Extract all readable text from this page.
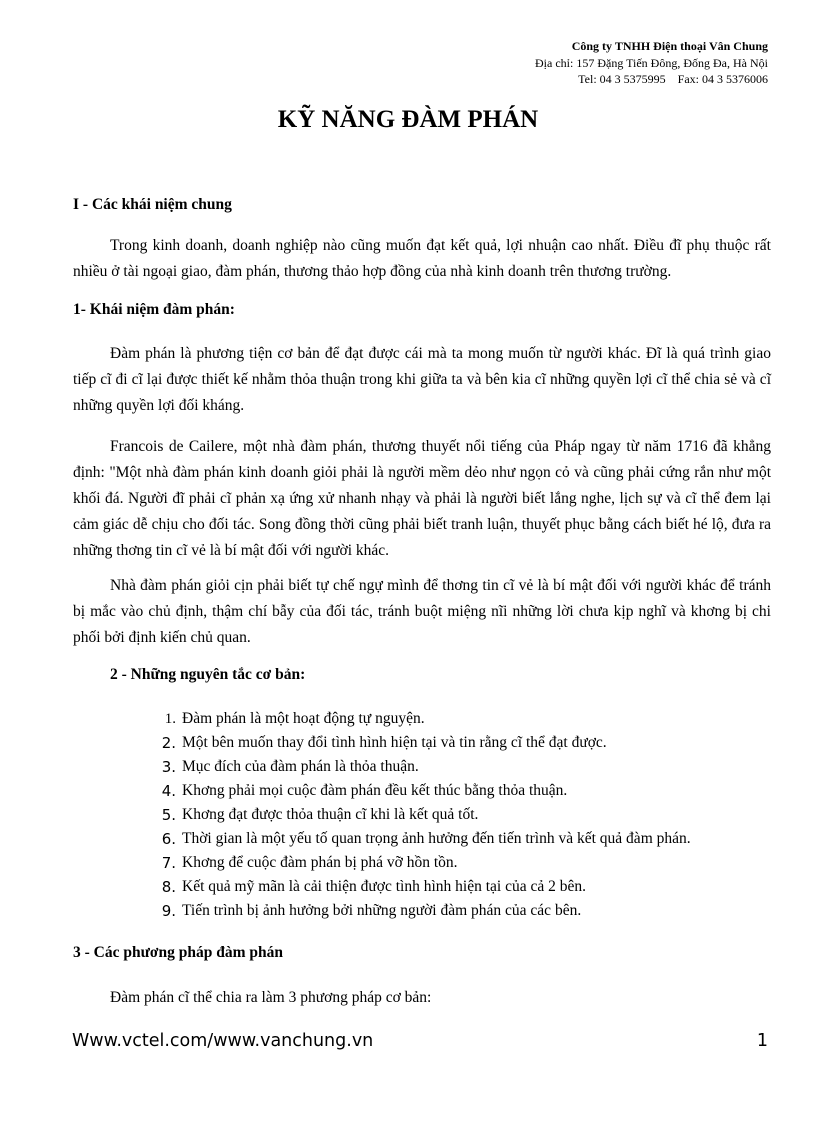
Công ty TNHH Điện thoại Vân Chung
Địa chỉ: 157 Đặng Tiến Đông, Đống Đa, Hà Nội
Tel: 04 3 5375995    Fax: 04 3 5376006
KỸ NĂNG ĐÀM PHÁN
I - Các khái niệm chung

Trong kinh doanh, doanh nghiệp nào cũng muốn đạt kết quả, lợi nhuận cao nhất. Điều đĩ phụ thuộc rất nhiều ở tài ngoại giao, đàm phán, thương thảo hợp đồng của nhà kinh doanh trên thương trường.

1- Khái niệm đàm phán:

Đàm phán là phương tiện cơ bản để đạt được cái mà ta mong muốn từ người khác. Đĩ là quá trình giao tiếp cĩ đi cĩ lại được thiết kế nhằm thỏa thuận trong khi giữa ta và bên kia cĩ những quyền lợi cĩ thể chia sẻ và cĩ những quyền lợi đối kháng.

Francois de Cailere, một nhà đàm phán, thương thuyết nổi tiếng của Pháp ngay từ năm 1716 đã khẳng định: "Một nhà đàm phán kinh doanh giỏi phải là người mềm dẻo như ngọn cỏ và cũng phải cứng rắn như một khối đá. Người đĩ phải cĩ phản xạ ứng xử nhanh nhạy và phải là người biết lắng nghe, lịch sự và cĩ thể đem lại cảm giác dễ chịu cho đối tác. Song đồng thời cũng phải biết tranh luận, thuyết phục bằng cách biết hé lộ, đưa ra những thơng tin cĩ vẻ là bí mật đối với người khác.

Nhà đàm phán giỏi cịn phải biết tự chế ngự mình để thơng tin cĩ vẻ là bí mật đối với người khác để tránh bị mắc vào chủ định, thậm chí bẫy của đối tác, tránh buột miệng nĩi những lời chưa kịp nghĩ và khơng bị chi phối bởi định kiến chủ quan.

2 - Những nguyên tắc cơ bản:
1. Đàm phán là một hoạt động tự nguyện.
2. Một bên muốn thay đổi tình hình hiện tại và tin rằng cĩ thể đạt được.
3. Mục đích của đàm phán là thỏa thuận.
4. Khơng phải mọi cuộc đàm phán đều kết thúc bằng thỏa thuận.
5. Khơng đạt được thỏa thuận cĩ khi là kết quả tốt.
6. Thời gian là một yếu tố quan trọng ảnh hưởng đến tiến trình và kết quả đàm phán.
7. Khơng để cuộc đàm phán bị phá vỡ hồn tồn.
8. Kết quả mỹ mãn là cải thiện được tình hình hiện tại của cả 2 bên.
9. Tiến trình bị ảnh hưởng bởi những người đàm phán của các bên.
3 - Các phương pháp đàm phán

Đàm phán cĩ thể chia ra làm 3 phương pháp cơ bản:

Www.vctel.com/www.vanchung.vn	1
